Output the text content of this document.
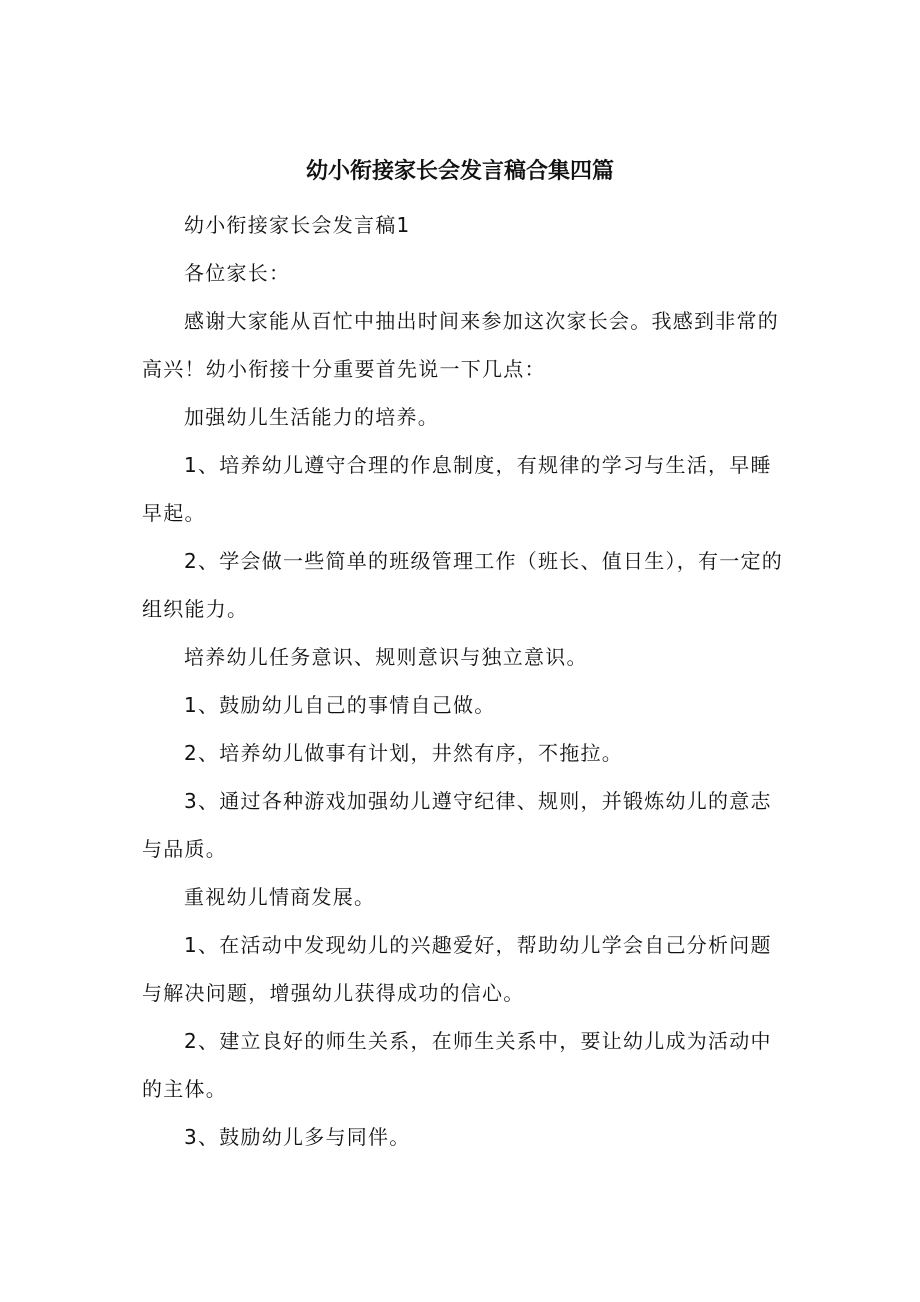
幼小衔接家长会发言稿合集四篇

幼小衔接家长会发言稿1

各位家长：

感谢大家能从百忙中抽出时间来参加这次家长会。我感到非常的高兴！幼小衔接十分重要首先说一下几点：

加强幼儿生活能力的培养。

1、培养幼儿遵守合理的作息制度，有规律的学习与生活，早睡早起。

2、学会做一些简单的班级管理工作（班长、值日生），有一定的组织能力。

培养幼儿任务意识、规则意识与独立意识。

1、鼓励幼儿自己的事情自己做。

2、培养幼儿做事有计划，井然有序，不拖拉。

3、通过各种游戏加强幼儿遵守纪律、规则，并锻炼幼儿的意志与品质。

重视幼儿情商发展。

1、在活动中发现幼儿的兴趣爱好，帮助幼儿学会自己分析问题与解决问题，增强幼儿获得成功的信心。

2、建立良好的师生关系，在师生关系中，要让幼儿成为活动中的主体。

3、鼓励幼儿多与同伴。
